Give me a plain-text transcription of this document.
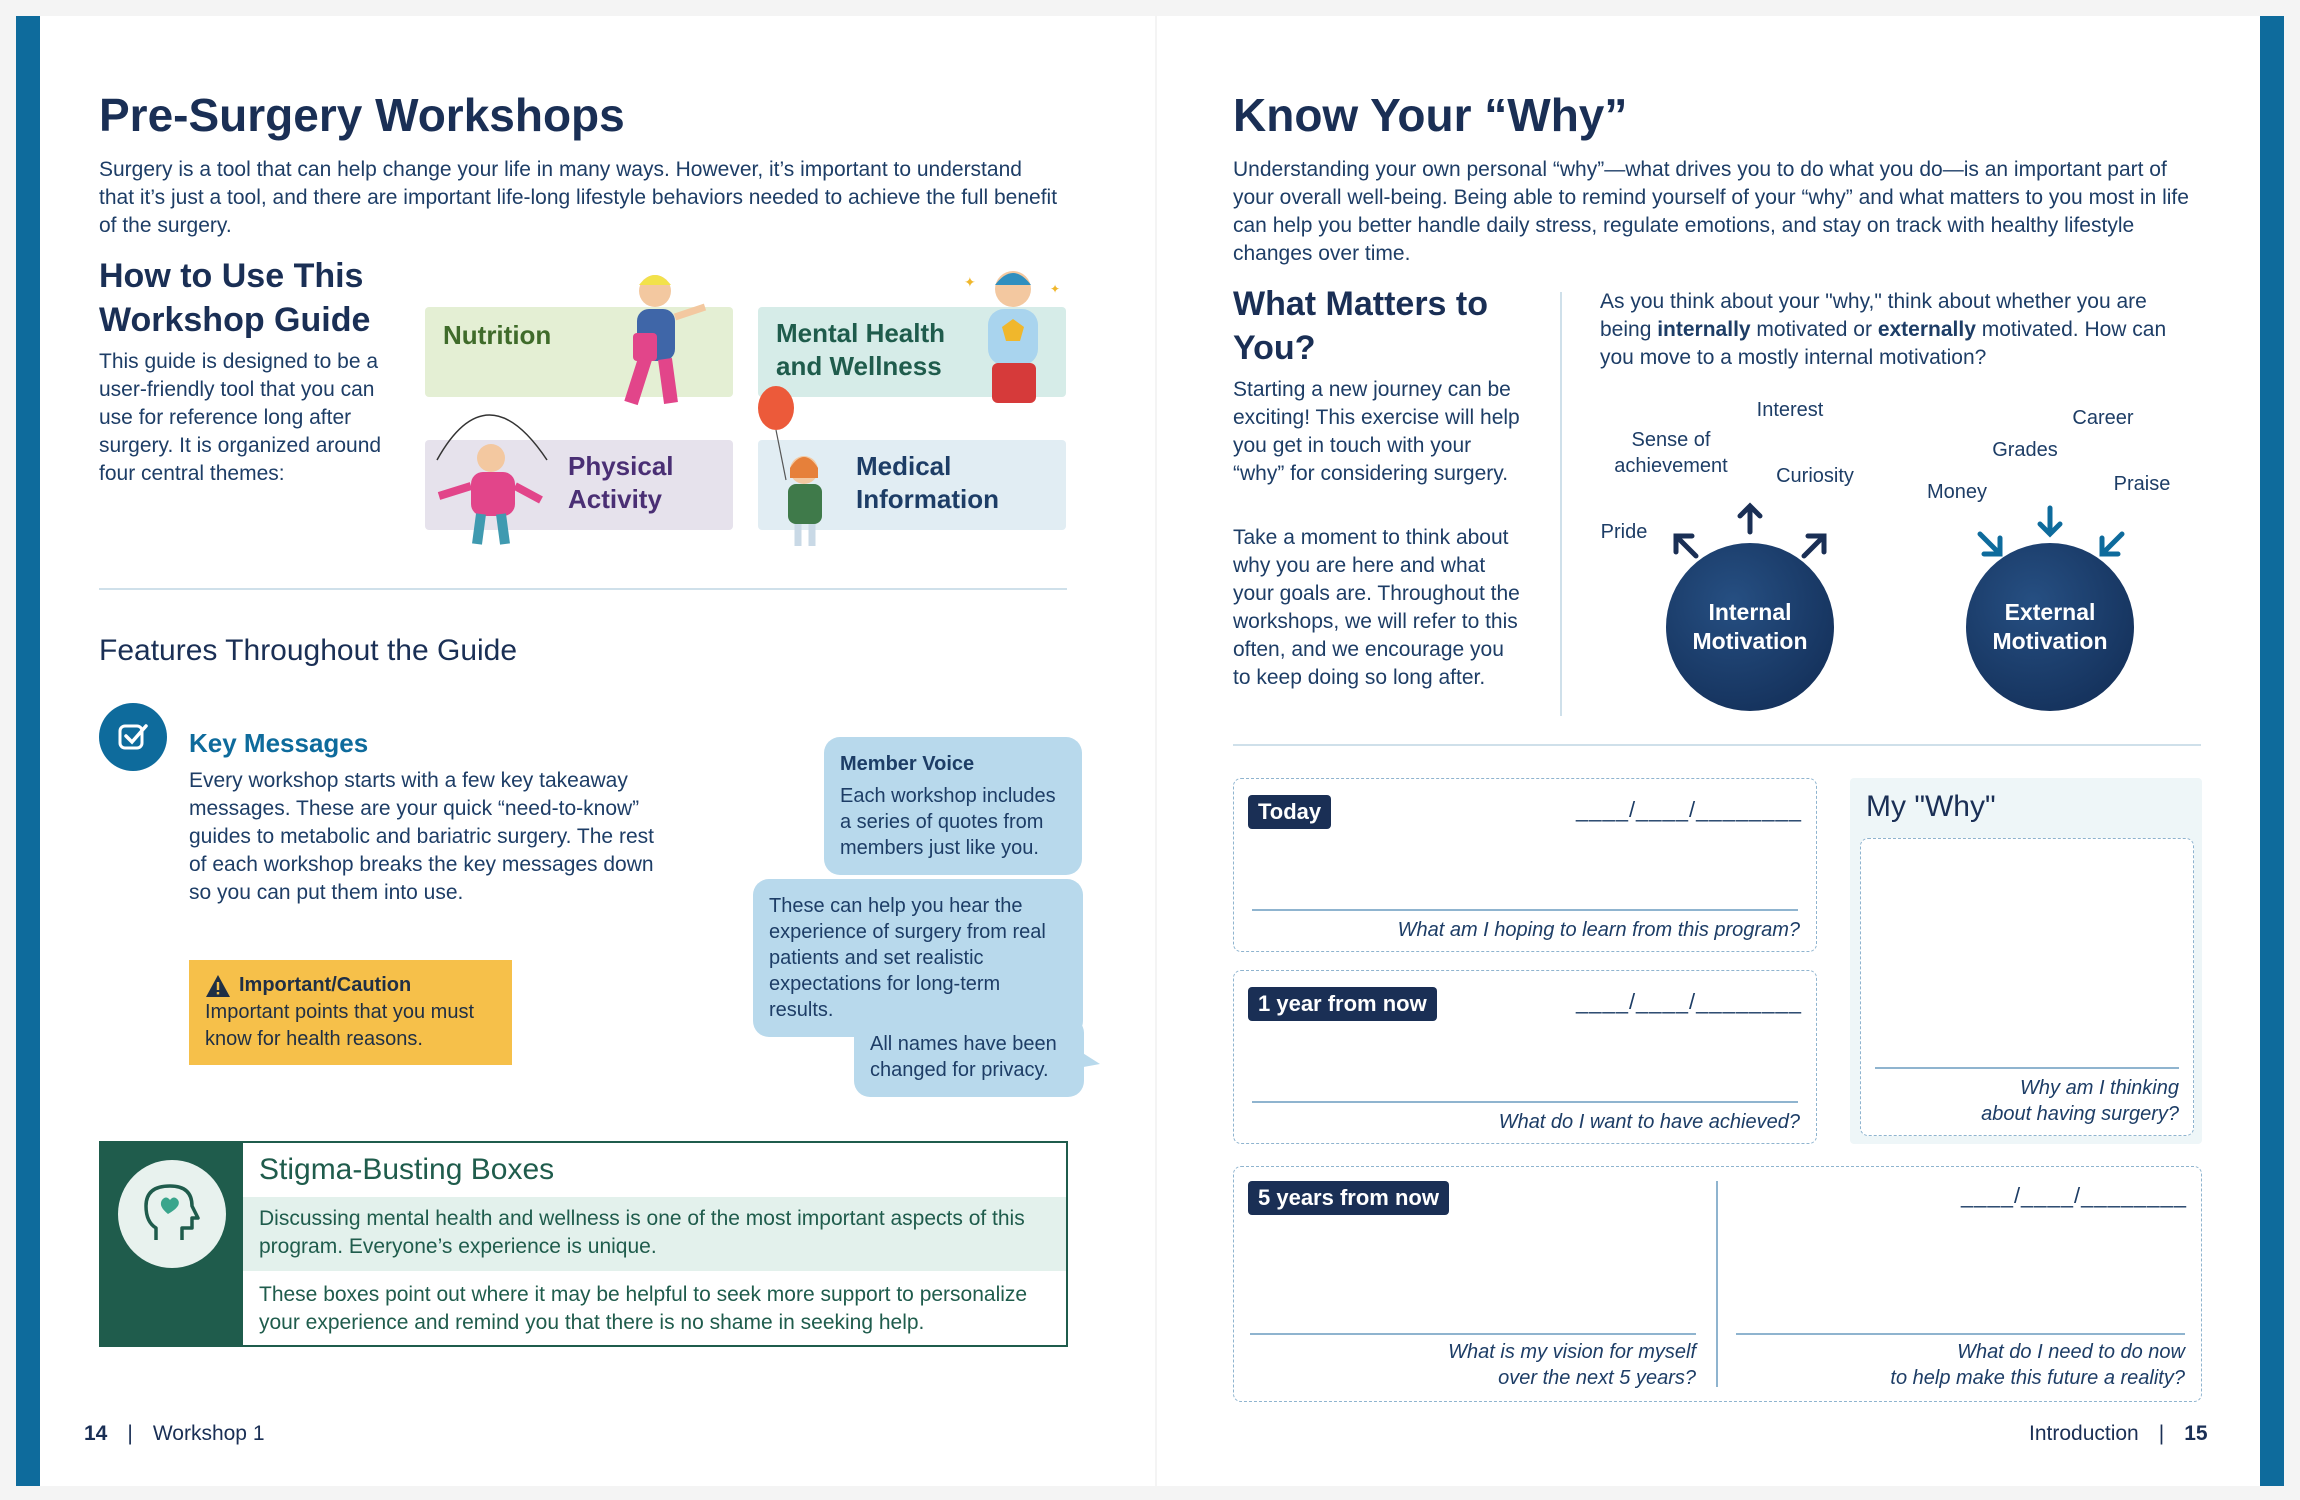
Pre-Surgery Workshops
Surgery is a tool that can help change your life in many ways. However, it’s important to understand that it’s just a tool, and there are important life-long lifestyle behaviors needed to achieve the full benefit of the surgery.
How to Use This
Workshop Guide
This guide is designed to be a user-friendly tool that you can use for reference long after surgery. It is organized around four central themes:
Nutrition	Mental Health
and Wellness
✦	✦
Physical
Activity
Medical
Information
Features Throughout the Guide
Key Messages
Every workshop starts with a few key takeaway messages. These are your quick “need-to-know” guides to metabolic and bariatric surgery. The rest of each workshop breaks the key messages down so you can put them into use.
Member Voice
Each workshop includes a series of quotes from members just like you.
These can help you hear the experience of surgery from real patients and set realistic expectations for long-term results.
All names have been changed for privacy.
Important/Caution
Important points that you must know for health reasons.
Stigma-Busting Boxes
Discussing mental health and wellness is one of the most important aspects of this program. Everyone’s experience is unique.
These boxes point out where it may be helpful to seek more support to personalize your experience and remind you that there is no shame in seeking help.
14 | Workshop 1
Know Your “Why”
Understanding your own personal “why”—what drives you to do what you do—is an important part of your overall well-being. Being able to remind yourself of your “why” and what matters to you most in life can help you better handle daily stress, regulate emotions, and stay on track with healthy lifestyle changes over time.
What Matters to
You?
Starting a new journey can be exciting! This exercise will help you get in touch with your “why” for considering surgery.
Take a moment to think about why you are here and what your goals are. Throughout the workshops, we will refer to this often, and we encourage you to keep doing so long after.
As you think about your "why," think about whether you are being internally motivated or externally motivated. How can you move to a mostly internal motivation?
Interest
Sense of
achievement	Curiosity
Pride
Internal
Motivation
Career
Grades
Money	Praise
External
Motivation
Today	____/____/________
What am I hoping to learn from this program?
1 year from now	____/____/________
What do I want to have achieved?
My "Why"
Why am I thinking
about having surgery?
5 years from now	____/____/________
What is my vision for myself
over the next 5 years?
What do I need to do now
to help make this future a reality?
Introduction | 15
